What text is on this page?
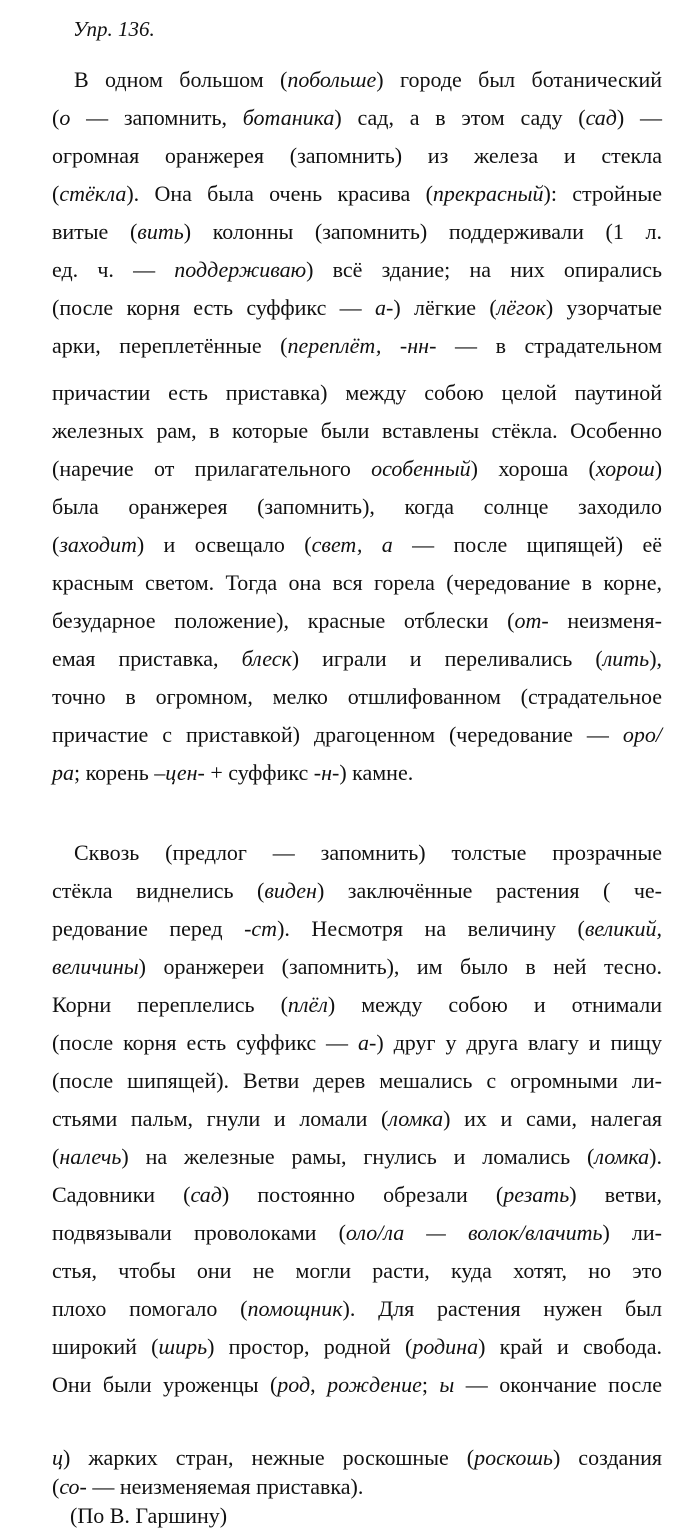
Упр. 136.
В одном большом (побольше) городе был ботанический
(о — запомнить, ботаника) сад, а в этом саду (сад) —
огромная оранжерея (запомнить) из железа и стекла
(стёкла). Она была очень красива (прекрасный): стройные
витые (вить) колонны (запомнить) поддерживали (1 л.
ед. ч. — поддерживаю) всё здание; на них опирались
(после корня есть суффикс — а-) лёгкие (лёгок) узорчатые
арки, переплетённые (переплёт, -нн- — в страдательном
причастии есть приставка) между собою целой паутиной
железных рам, в которые были вставлены стёкла. Особенно
(наречие от прилагательного особенный) хороша (хорош)
была оранжерея (запомнить), когда солнце заходило
(заходит) и освещало (свет, а — после щипящей) её
красным светом. Тогда она вся горела (чередование в корне,
безударное положение), красные отблески (от- неизменя-
емая приставка, блеск) играли и переливались (лить),
точно в огромном, мелко отшлифованном (страдательное
причастие с приставкой) драгоценном (чередование — оро/
ра; корень –цен- + суффикс -н-) камне.
Сквозь (предлог — запомнить) толстые прозрачные
стёкла виднелись (виден) заключённые растения ( че-
редование перед -ст). Несмотря на величину (великий,
величины) оранжереи (запомнить), им было в ней тесно.
Корни переплелись (плёл) между собою и отнимали
(после корня есть суффикс — а-) друг у друга влагу и пищу
(после шипящей). Ветви дерев мешались с огромными ли-
стьями пальм, гнули и ломали (ломка) их и сами, налегая
(налечь) на железные рамы, гнулись и ломались (ломка).
Садовники (сад) постоянно обрезали (резать) ветви,
подвязывали проволоками (оло/ла — волок/влачить) ли-
стья, чтобы они не могли расти, куда хотят, но это
плохо помогало (помощник). Для растения нужен был
широкий (ширь) простор, родной (родина) край и свобода.
Они были уроженцы (род, рождение; ы — окончание после
ц) жарких стран, нежные роскошные (роскошь) создания
(со- — неизменяемая приставка).
(По В. Гаршину)
